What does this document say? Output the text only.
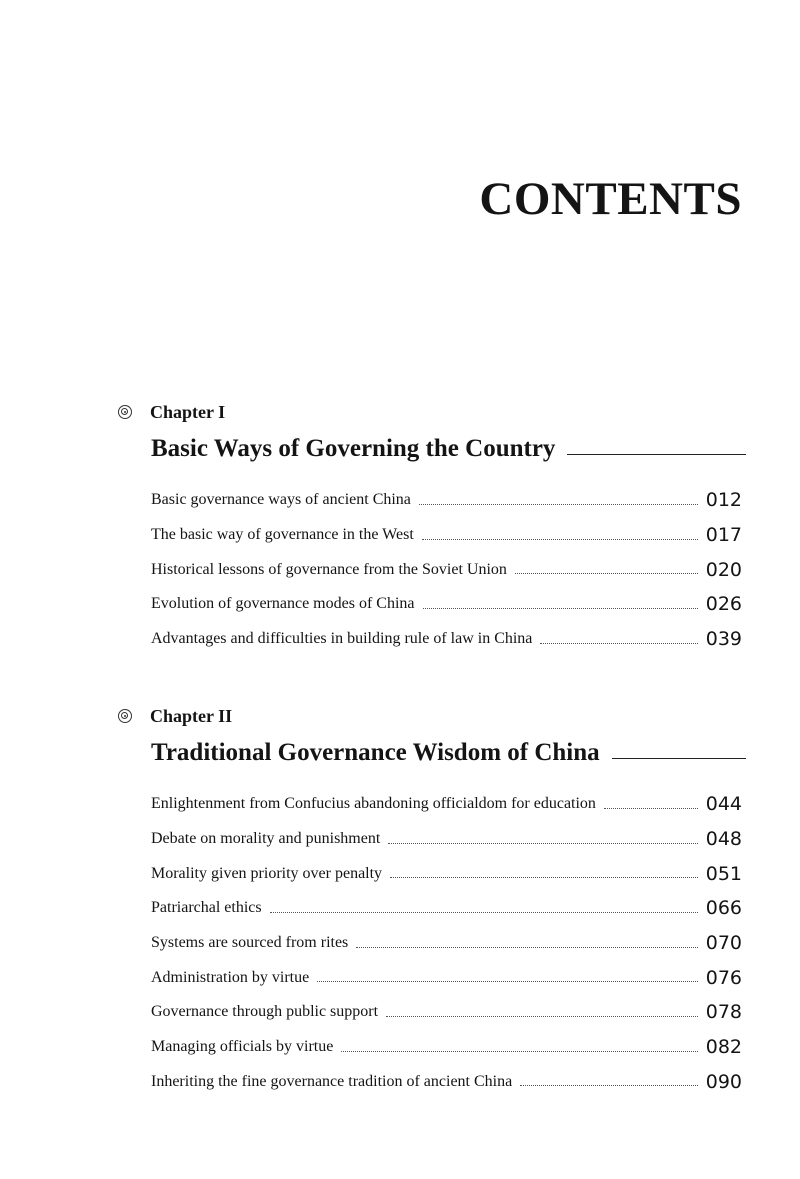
CONTENTS
Chapter I
Basic Ways of Governing the Country
Basic governance ways of ancient China	012
The basic way of governance in the West	017
Historical lessons of governance from the Soviet Union	020
Evolution of governance modes of China	026
Advantages and difficulties in building rule of law in China	039
Chapter II
Traditional Governance Wisdom of China
Enlightenment from Confucius abandoning officialdom for education	044
Debate on morality and punishment	048
Morality given priority over penalty	051
Patriarchal ethics	066
Systems are sourced from rites	070
Administration by virtue	076
Governance through public support	078
Managing officials by virtue	082
Inheriting the fine governance tradition of ancient China	090
